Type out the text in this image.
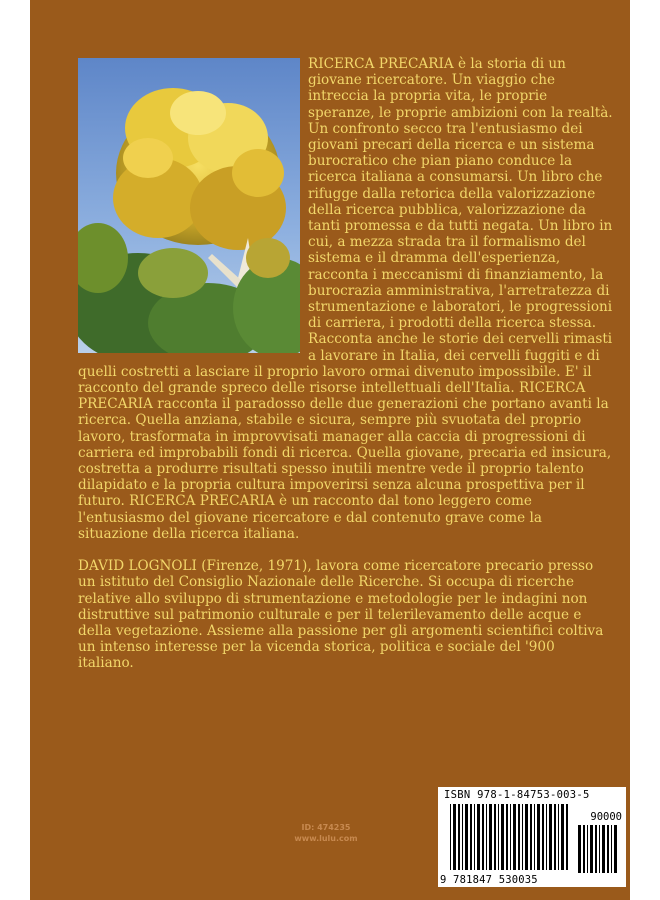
RICERCA PRECARIA è la storia di un giovane ricercatore. Un viaggio che intreccia la propria vita, le proprie speranze, le proprie ambizioni con la realtà. Un confronto secco tra l'entusiasmo dei giovani precari della ricerca e un sistema burocratico che pian piano conduce la ricerca italiana a consumarsi. Un libro che rifugge dalla retorica della valorizzazione della ricerca pubblica, valorizzazione da tanti promessa e da tutti negata. Un libro in cui, a mezza strada tra il formalismo del sistema e il dramma dell'esperienza, racconta i meccanismi di finanziamento, la burocrazia amministrativa, l'arretratezza di strumentazione e laboratori, le progressioni di carriera, i prodotti della ricerca stessa. Racconta anche le storie dei cervelli rimasti a lavorare in Italia, dei cervelli fuggiti e di quelli costretti a lasciare il proprio lavoro ormai divenuto impossibile. E' il racconto del grande spreco delle risorse intellettuali dell'Italia. RICERCA PRECARIA racconta il paradosso delle due generazioni che portano avanti la ricerca. Quella anziana, stabile e sicura, sempre più svuotata del proprio lavoro, trasformata in improvvisati manager alla caccia di progressioni di carriera ed improbabili fondi di ricerca. Quella giovane, precaria ed insicura, costretta a produrre risultati spesso inutili mentre vede il proprio talento dilapidato e la propria cultura impoverirsi senza alcuna prospettiva per il futuro. RICERCA PRECARIA è un racconto dal tono leggero come l'entusiasmo del giovane ricercatore e dal contenuto grave come la situazione della ricerca italiana.

DAVID LOGNOLI (Firenze, 1971), lavora come ricercatore precario presso un istituto del Consiglio Nazionale delle Ricerche. Si occupa di ricerche relative allo sviluppo di strumentazione e metodologie per le indagini non distruttive sul patrimonio culturale e per il telerilevamento delle acque e della vegetazione. Assieme alla passione per gli argomenti scientifici coltiva un intenso interesse per la vicenda storica, politica e sociale del '900 italiano.

ID: 474235
www.lulu.com
ISBN 978-1-84753-003-5
90000
9 781847 530035
